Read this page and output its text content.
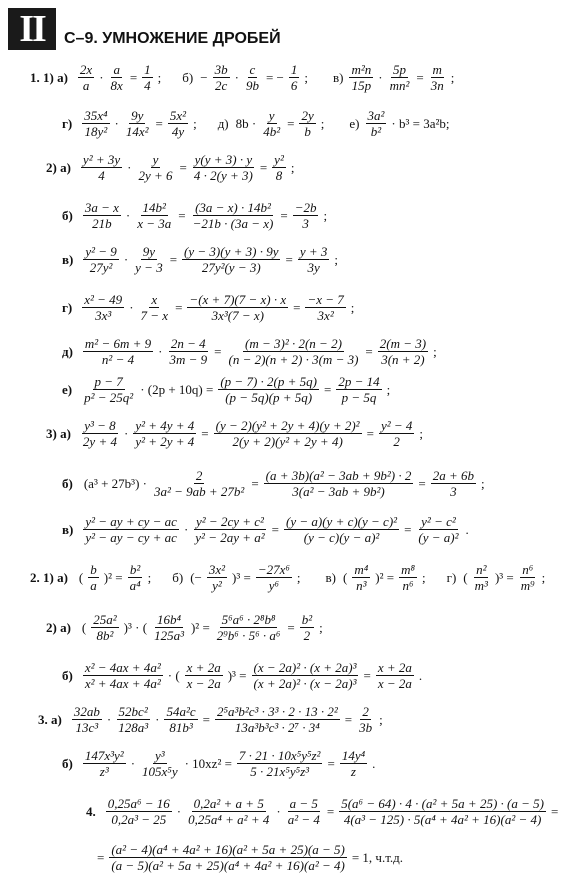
II	С–9. УМНОЖЕНИЕ ДРОБЕЙ
1. 1) $а) \frac{2x}{a} \cdot \frac{a}{8x} = \frac{1}{4}$ ; $б) - \frac{3b}{2c} \cdot \frac{c}{9b}$ = − $\frac{1}{6}$ ; $в) \frac{\text{m²n}}{15p} \cdot \frac{5p}{\text{mn²}} = \frac{m}{3n}$ ;
$г) \frac{\text{35x⁴}}{\text{18y²}} \cdot \frac{9y}{\text{14x²}} = \frac{\text{5x²}}{4y}$ ; д) $8b \cdot \frac{y}{\text{4b²}} = \frac{2y}{b}$ ; $е) \frac{\text{3a²}}{\text{b²}} \cdot b^3 = 3a^2b$;
2) $а) \frac{\text{y² + 3y}}{4} \cdot \frac{y}{2y + 6} = \frac{y(y + 3) \cdot y}{4 \cdot 2(y + 3)} = \frac{\text{y²}}{8}$ ;
$б) \frac{3a - x}{21b} \cdot \frac{\text{14b²}}{x - 3a} = \frac{\text{(3a − x) · 14b²}}{-21b \cdot (3a - x)} = \frac{-2b}{3}$ ;
$в) \frac{\text{y² − 9}}{\text{27y²}} \cdot \frac{9y}{y - 3} = \frac{(y - 3)(y + 3) \cdot 9y}{\text{27y²(y − 3)}} = \frac{y + 3}{3y}$ ;
$г) \frac{\text{x² − 49}}{\text{3x³}} \cdot \frac{x}{7 - x} = \frac{-(x + 7)(7 - x) \cdot x}{\text{3x³(7 − x)}} = \frac{-x - 7}{\text{3x²}}$ ;
$д) \frac{\text{m² − 6m + 9}}{\text{n² − 4}} \cdot \frac{2n - 4}{3m - 9} = \frac{\text{(m − 3)² · 2(n − 2)}}{(n - 2)(n + 2) \cdot 3(m - 3)} = \frac{2(m - 3)}{3(n + 2)}$ ;
$е) \frac{p - 7}{\text{p² − 25q²}} \cdot (2p + 10q) = \frac{(p - 7) \cdot 2(p + 5q)}{(p - 5q)(p + 5q)} = \frac{2p - 14}{p - 5q}$ ;
3) $а) \frac{\text{y³ − 8}}{2y + 4} \cdot \frac{\text{y² + 4y + 4}}{\text{y² + 2y + 4}} = \frac{\text{(y − 2)(y² + 2y + 4)(y + 2)²}}{\text{2(y + 2)(y² + 2y + 4)}} = \frac{\text{y² − 4}}{2}$ ;
б) $(a^3 + 27b^3) \cdot \frac{2}{\text{3a² − 9ab + 27b²}} = \frac{\text{(a + 3b)(a² − 3ab + 9b²) · 2}}{\text{3(a² − 3ab + 9b²)}} = \frac{2a + 6b}{3}$ ;
$в) \frac{\text{y² − ay + cy − ac}}{\text{y² − ay − cy + ac}} \cdot \frac{\text{y² − 2cy + c²}}{\text{y² − 2ay + a²}} = \frac{\text{(y − a)(y + c)(y − c)²}}{\text{(y − c)(y − a)²}} = \frac{\text{y² − c²}}{\text{(y − a)²}}$ .
2. 1) а) ( $\frac{b}{a} )^2 = \frac{\text{b²}}{\text{a⁴}}$ ; б) (− $\frac{\text{3x²}}{\text{y²}} )^3 = \frac{\text{−27x⁶}}{\text{y⁶}}$ ; в) ( $\frac{\text{m⁴}}{\text{n³}} )^2 = \frac{\text{m⁸}}{\text{n⁶}}$ ; г) ( $\frac{\text{n²}}{\text{m³}} )^3 = \frac{\text{n⁶}}{\text{m⁹}}$ ;
2) а) ( $\frac{\text{25a²}}{\text{8b²}} )^3$ · ( $\frac{\text{16b⁴}}{\text{125a³}} )^2 = \frac{\text{5⁶a⁶ · 2⁸b⁸}}{\text{2⁹b⁶ · 5⁶ · a⁶}} = \frac{\text{b²}}{2}$ ;
$б) \frac{\text{x² − 4ax + 4a²}}{\text{x² + 4ax + 4a²}}$ · ( $\frac{x + 2a}{x - 2a} )^3 = \frac{\text{(x − 2a)² · (x + 2a)³}}{\text{(x + 2a)² · (x − 2a)³}} = \frac{x + 2a}{x - 2a}$ .
3. $а) \frac{32ab}{\text{13c³}} \cdot \frac{\text{52bc²}}{\text{128a³}} \cdot \frac{\text{54a²c}}{\text{81b³}} = \frac{\text{2⁵a³b²c³ · 3³ · 2 · 13 · 2²}}{\text{13a³b³c³ · 2⁷ · 3⁴}} = \frac{2}{3b}$ ;
$б) \frac{\text{147x³y²}}{\text{z³}} \cdot \frac{\text{y³}}{\text{105x⁵y}} \cdot 10xz^2 = \frac{\text{7 · 21 · 10x⁵y⁵z²}}{\text{5 · 21x⁵y⁵z³}} = \frac{\text{14y⁴}}{z}$ .
4. $\frac{\text{0,25a⁶ − 16}}{\text{0,2a³ − 25}} \cdot \frac{\text{0,2a² + a + 5}}{\text{0,25a⁴ + a² + 4}} \cdot \frac{a - 5}{\text{a² − 4}} = \frac{\text{5(a⁶ − 64) · 4 · (a² + 5a + 25) · (a − 5)}}{\text{4(a³ − 125) · 5(a⁴ + 4a² + 16)(a² − 4)}}$ =
= $\frac{\text{(a² − 4)(a⁴ + 4a² + 16)(a² + 5a + 25)(a − 5)}}{\text{(a − 5)(a² + 5a + 25)(a⁴ + 4a² + 16)(a² − 4)}} = 1$, ч.т.д.
